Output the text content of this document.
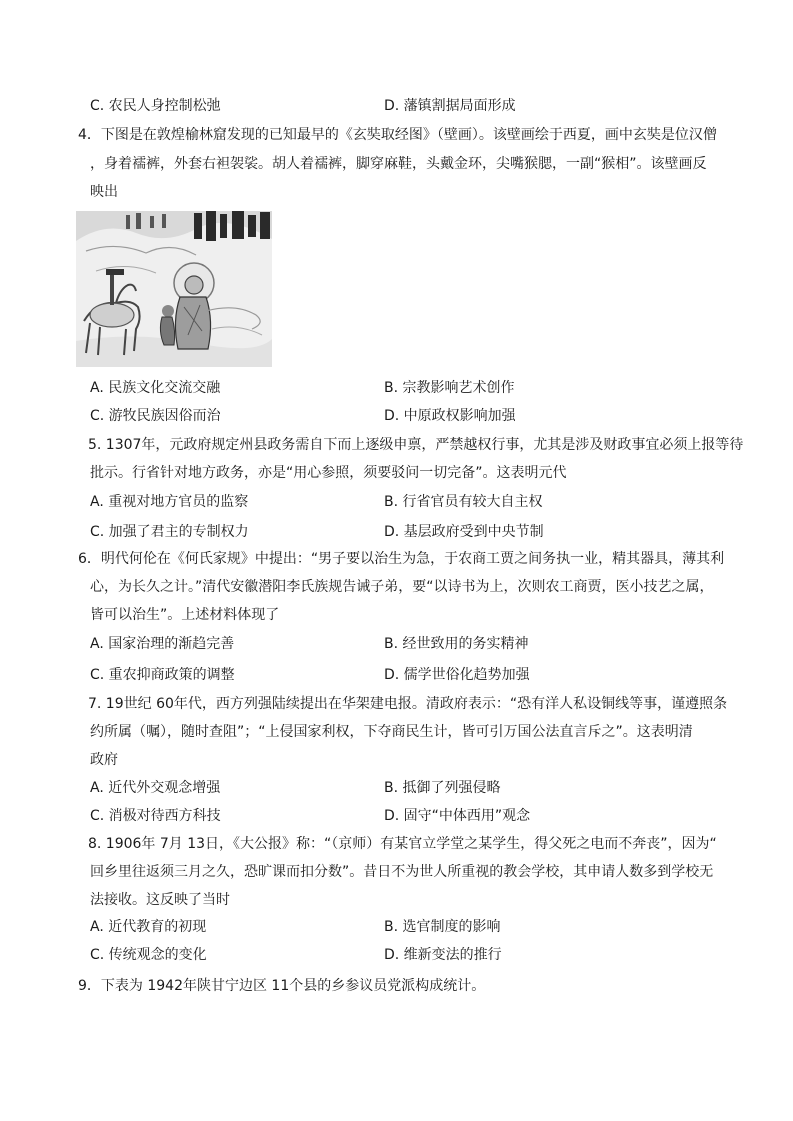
C. 农民人身控制松弛	D. 藩镇割据局面形成
4．下图是在敦煌榆林窟发现的已知最早的《玄奘取经图》（壁画）。该壁画绘于西夏，画中玄奘是位汉僧
，身着襦裤，外套右袒袈裟。胡人着襦裤，脚穿麻鞋，头戴金环，尖嘴猴腮，一副“猴相”。该壁画反
映出
A. 民族文化交流交融	B. 宗教影响艺术创作
C. 游牧民族因俗而治	D. 中原政权影响加强
5. 1307年，元政府规定州县政务需自下而上逐级申禀，严禁越权行事，尤其是涉及财政事宜必须上报等待
批示。行省针对地方政务，亦是“用心参照，须要驳问一切完备”。这表明元代
A. 重视对地方官员的监察	B. 行省官员有较大自主权
C. 加强了君主的专制权力	D. 基层政府受到中央节制
6．明代何伦在《何氏家规》中提出：“男子要以治生为急，于农商工贾之间务执一业，精其器具，薄其利
心，为长久之计。”清代安徽潜阳李氏族规告诫子弟，要“以诗书为上，次则农工商贾，医小技艺之属，
皆可以治生”。上述材料体现了
A. 国家治理的渐趋完善	B. 经世致用的务实精神
C. 重农抑商政策的调整	D. 儒学世俗化趋势加强
7. 19世纪 60年代，西方列强陆续提出在华架建电报。清政府表示：“恐有洋人私设铜线等事，谨遵照条
约所属（嘱），随时查阻”；“上侵国家利权，下夺商民生计，皆可引万国公法直言斥之”。这表明清
政府
A. 近代外交观念增强	B. 抵御了列强侵略
C. 消极对待西方科技	D. 固守“中体西用”观念
8. 1906年 7月 13日，《大公报》称：“（京师）有某官立学堂之某学生，得父死之电而不奔丧”，因为“
回乡里往返须三月之久，恐旷课而扣分数”。昔日不为世人所重视的教会学校，其申请人数多到学校无
法接收。这反映了当时
A. 近代教育的初现	B. 选官制度的影响
C. 传统观念的变化	D. 维新变法的推行
9．下表为 1942年陕甘宁边区 11个县的乡参议员党派构成统计。
